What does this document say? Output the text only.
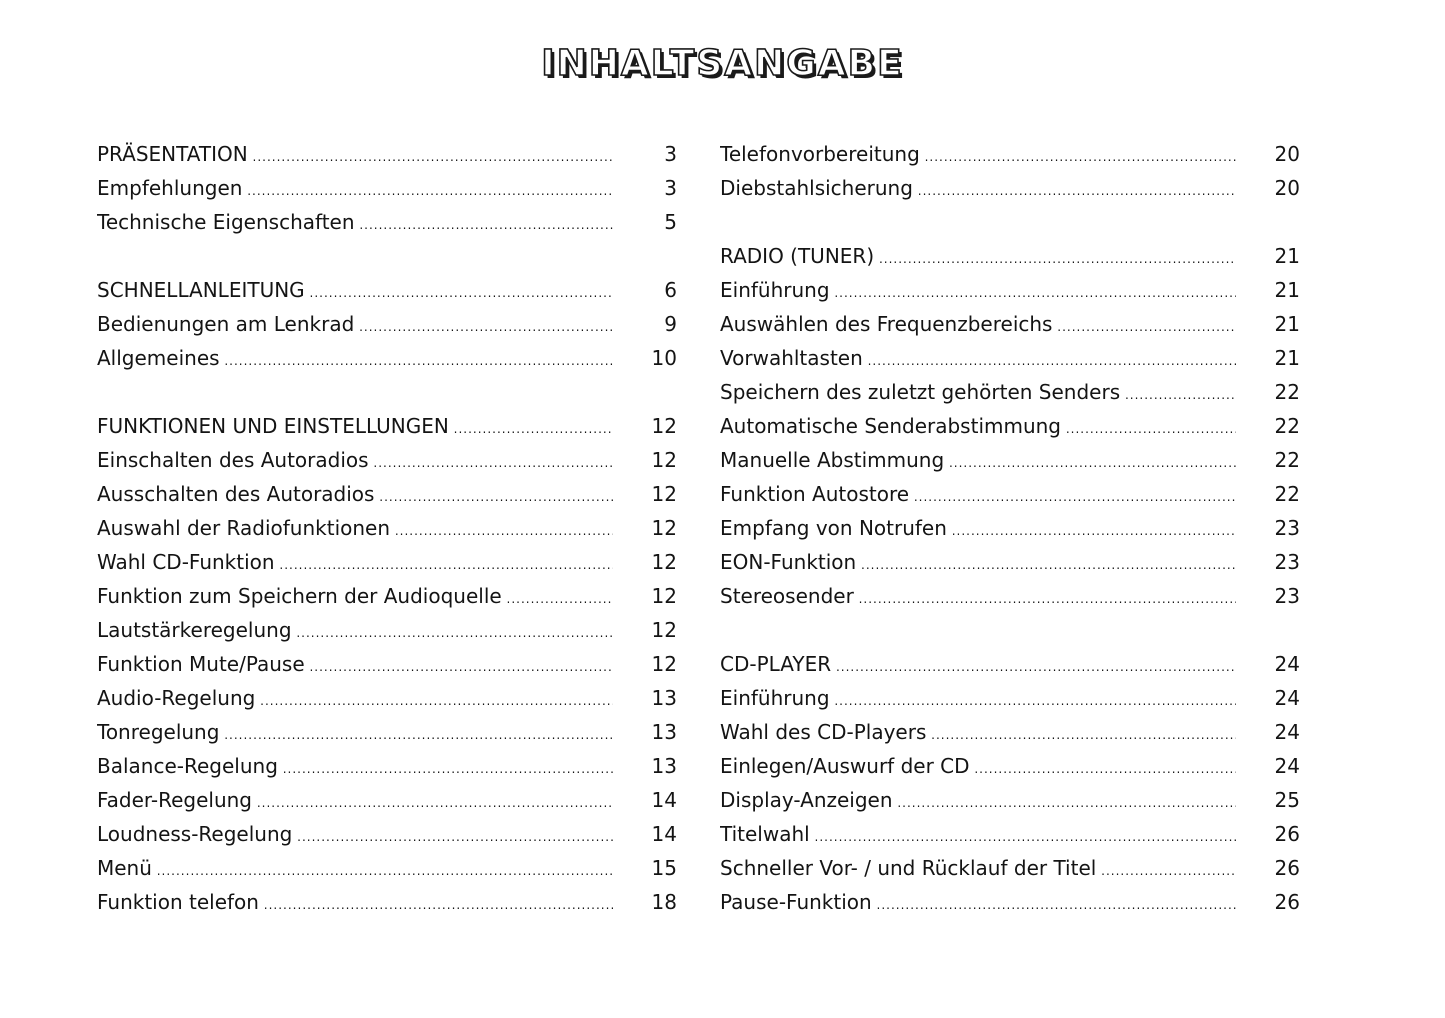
INHALTSANGABE
PRÄSENTATION .....	3
Empfehlungen .....	3
Technische Eigenschaften .....	5
SCHNELLANLEITUNG .....	6
Bedienungen am Lenkrad .....	9
Allgemeines .....	10
FUNKTIONEN UND EINSTELLUNGEN .....	12
Einschalten des Autoradios .....	12
Ausschalten des Autoradios .....	12
Auswahl der Radiofunktionen .....	12
Wahl CD-Funktion .....	12
Funktion zum Speichern der Audioquelle .....	12
Lautstärkeregelung .....	12
Funktion Mute/Pause .....	12
Audio-Regelung .....	13
Tonregelung .....	13
Balance-Regelung .....	13
Fader-Regelung .....	14
Loudness-Regelung .....	14
Menü .....	15
Funktion telefon .....	18
Telefonvorbereitung .....	20
Diebstahlsicherung .....	20
RADIO (TUNER) .....	21
Einführung .....	21
Auswählen des Frequenzbereichs .....	21
Vorwahltasten .....	21
Speichern des zuletzt gehörten Senders .....	22
Automatische Senderabstimmung .....	22
Manuelle Abstimmung .....	22
Funktion Autostore .....	22
Empfang von Notrufen .....	23
EON-Funktion .....	23
Stereosender .....	23
CD-PLAYER .....	24
Einführung .....	24
Wahl des CD-Players .....	24
Einlegen/Auswurf der CD .....	24
Display-Anzeigen .....	25
Titelwahl .....	26
Schneller Vor- / und Rücklauf der Titel .....	26
Pause-Funktion .....	26
